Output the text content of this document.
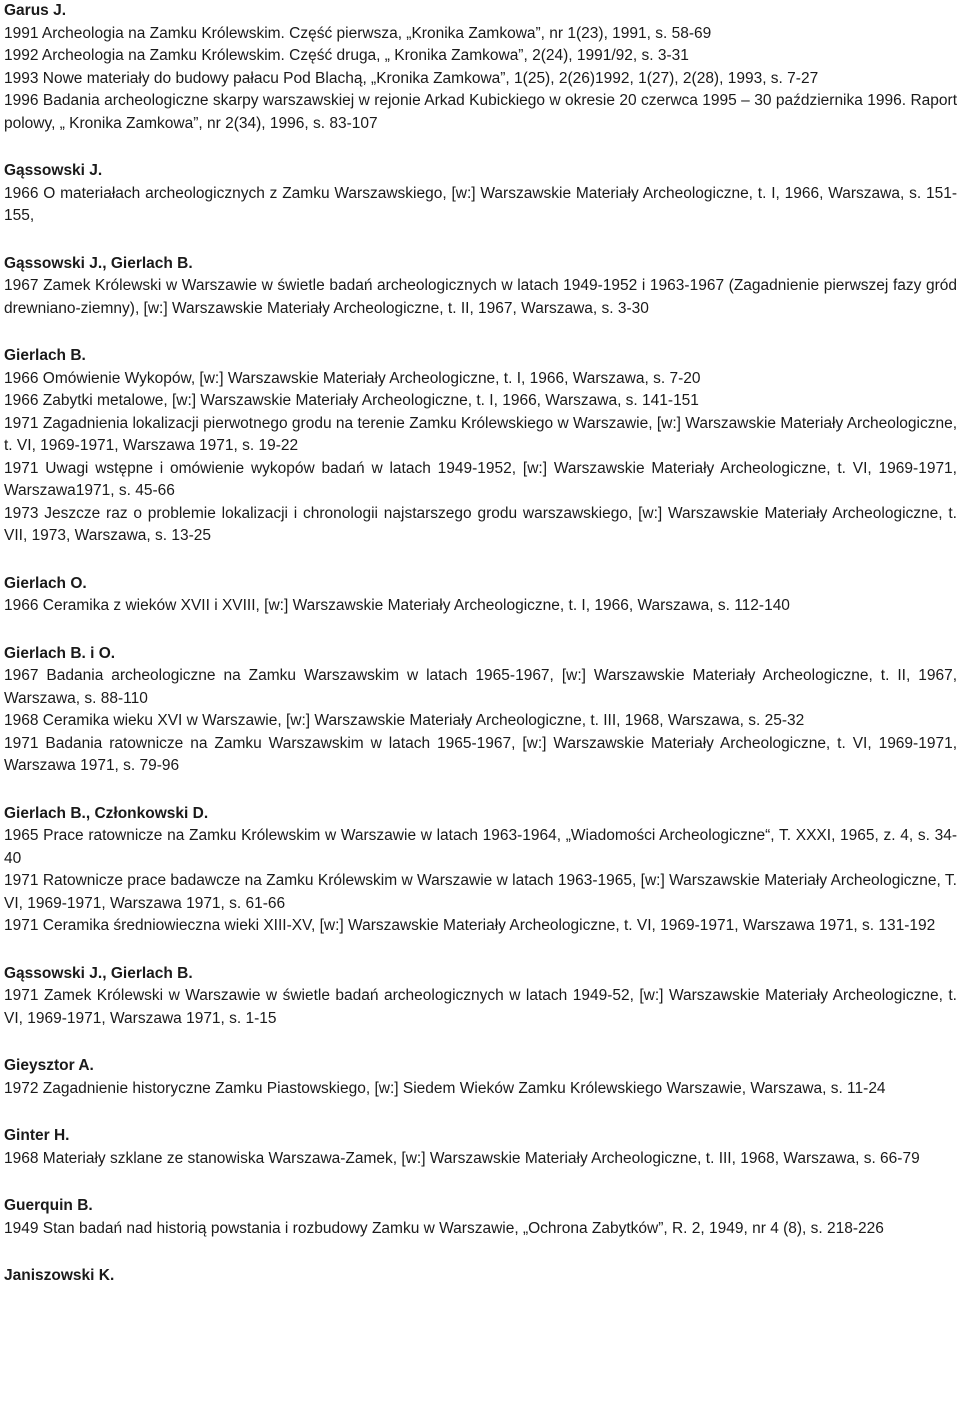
Garus J.

1991 Archeologia na Zamku Królewskim. Część pierwsza, „Kronika Zamkowa”, nr 1(23), 1991, s. 58-69

1992 Archeologia na Zamku Królewskim. Część druga, „ Kronika Zamkowa”, 2(24), 1991/92, s. 3-31

1993 Nowe materiały do budowy pałacu Pod Blachą, „Kronika Zamkowa”, 1(25), 2(26)1992, 1(27), 2(28), 1993, s. 7-27

1996 Badania archeologiczne skarpy warszawskiej w rejonie Arkad Kubickiego w okresie 20 czerwca 1995 – 30 października 1996. Raport polowy, „ Kronika Zamkowa”, nr 2(34), 1996, s. 83-107

Gąssowski J.

1966 O materiałach archeologicznych z Zamku Warszawskiego, [w:] Warszawskie Materiały Archeologiczne, t. I, 1966, Warszawa, s. 151-155,

Gąssowski J., Gierlach B.

1967 Zamek Królewski w Warszawie w świetle badań archeologicznych w latach 1949-1952 i 1963-1967 (Zagadnienie pierwszej fazy gród drewniano-ziemny), [w:] Warszawskie Materiały Archeologiczne, t. II, 1967, Warszawa, s. 3-30

Gierlach B.

1966 Omówienie Wykopów, [w:] Warszawskie Materiały Archeologiczne, t. I, 1966, Warszawa, s. 7-20

1966 Zabytki metalowe, [w:] Warszawskie Materiały Archeologiczne, t. I, 1966, Warszawa, s. 141-151

1971 Zagadnienia lokalizacji pierwotnego grodu na terenie Zamku Królewskiego w Warszawie, [w:] Warszawskie Materiały Archeologiczne, t. VI, 1969-1971, Warszawa 1971, s. 19-22

1971 Uwagi wstępne i omówienie wykopów badań w latach 1949-1952, [w:] Warszawskie Materiały Archeologiczne, t. VI, 1969-1971, Warszawa1971, s. 45-66

1973 Jeszcze raz o problemie lokalizacji i chronologii najstarszego grodu warszawskiego, [w:] Warszawskie Materiały Archeologiczne, t. VII, 1973, Warszawa, s. 13-25

Gierlach O.

1966 Ceramika z wieków XVII i XVIII, [w:] Warszawskie Materiały Archeologiczne, t. I, 1966, Warszawa, s. 112-140

Gierlach B. i O.

1967 Badania archeologiczne na Zamku Warszawskim w latach 1965-1967, [w:] Warszawskie Materiały Archeologiczne, t. II, 1967, Warszawa, s. 88-110

1968 Ceramika wieku XVI w Warszawie, [w:] Warszawskie Materiały Archeologiczne, t. III, 1968, Warszawa, s. 25-32

1971 Badania ratownicze na Zamku Warszawskim w latach 1965-1967, [w:] Warszawskie Materiały Archeologiczne, t. VI, 1969-1971, Warszawa 1971, s. 79-96

Gierlach B., Członkowski D.

1965 Prace ratownicze na Zamku Królewskim w Warszawie w latach 1963-1964, „Wiadomości Archeologiczne“, T. XXXI, 1965, z. 4, s. 34-40

1971 Ratownicze prace badawcze na Zamku Królewskim w Warszawie w latach 1963-1965, [w:] Warszawskie Materiały Archeologiczne, T. VI, 1969-1971, Warszawa 1971, s. 61-66

1971 Ceramika średniowieczna wieki XIII-XV, [w:] Warszawskie Materiały Archeologiczne, t. VI, 1969-1971, Warszawa 1971, s. 131-192

Gąssowski J., Gierlach B.

1971 Zamek Królewski w Warszawie w świetle badań archeologicznych w latach 1949-52, [w:] Warszawskie Materiały Archeologiczne, t. VI, 1969-1971, Warszawa 1971, s. 1-15

Gieysztor A.

1972 Zagadnienie historyczne Zamku Piastowskiego, [w:] Siedem Wieków Zamku Królewskiego Warszawie, Warszawa, s. 11-24

Ginter H.

1968 Materiały szklane ze stanowiska Warszawa-Zamek, [w:] Warszawskie Materiały Archeologiczne, t. III, 1968, Warszawa, s. 66-79

Guerquin B.

1949 Stan badań nad historią powstania i rozbudowy Zamku w Warszawie, „Ochrona Zabytków”, R. 2, 1949, nr 4 (8), s. 218-226

Janiszowski K.
